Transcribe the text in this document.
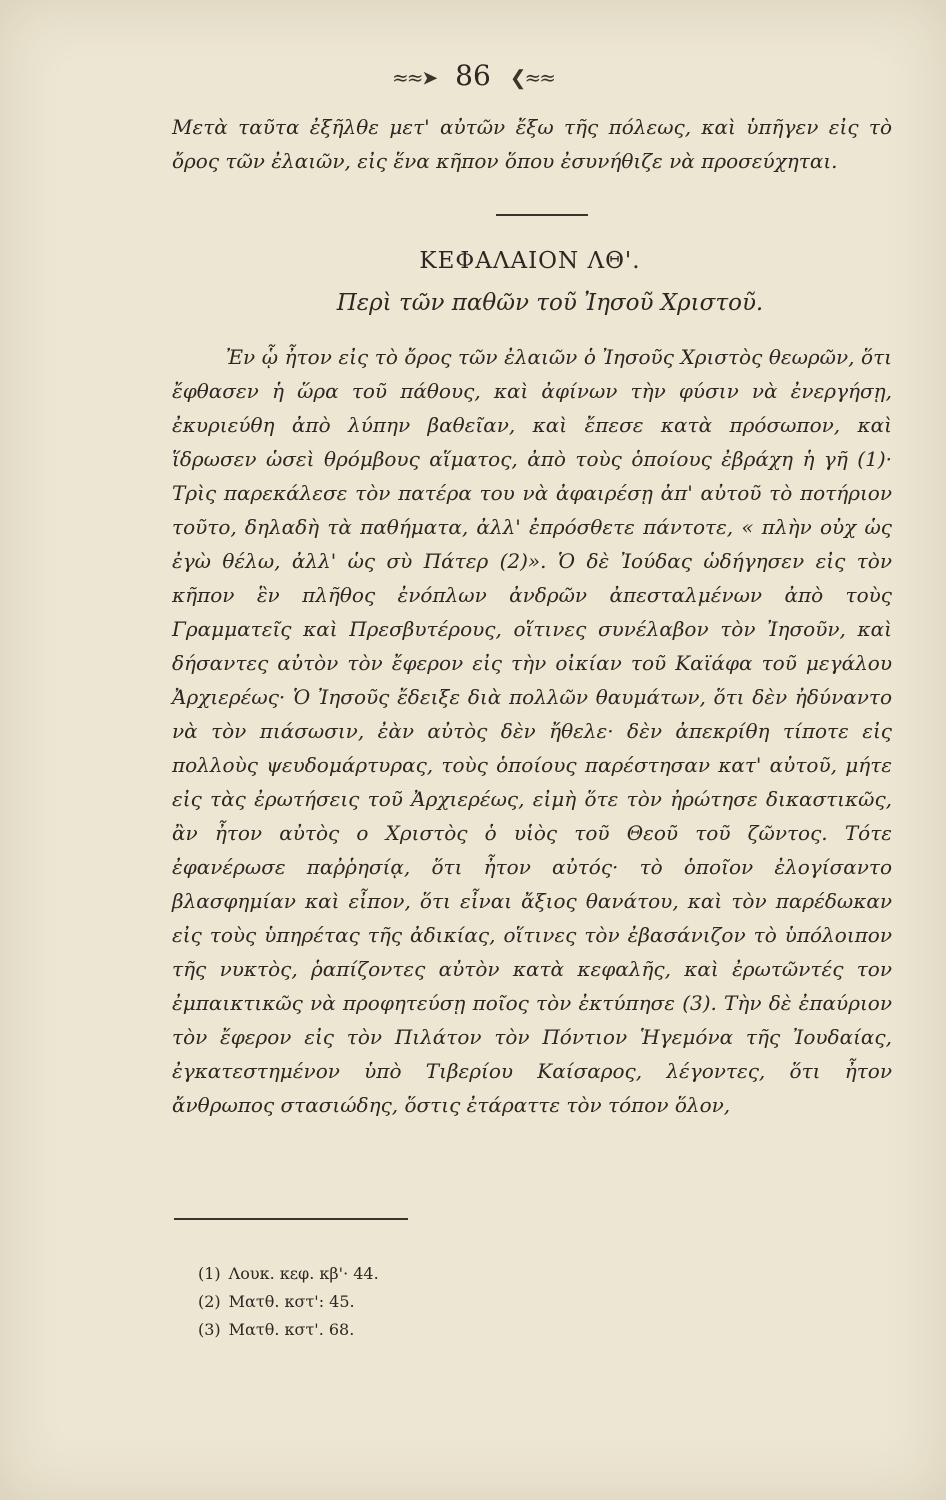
≈≈➤ 86 ❮≈≈
Μετὰ ταῦτα ἐξῆλθε μετ' αὐτῶν ἔξω τῆς πόλεως, καὶ ὑπῆγεν εἰς τὸ ὄρος τῶν ἐλαιῶν, εἰς ἕνα κῆπον ὅπου ἐσυνήθιζε νὰ προσεύχηται.
ΚΕΦΑΛΑΙΟΝ ΛΘ'.
Περὶ τῶν παθῶν τοῦ Ἰησοῦ Χριστοῦ.
Ἐν ᾧ ἦτον εἰς τὸ ὄρος τῶν ἐλαιῶν ὁ Ἰησοῦς Χριστὸς θεωρῶν, ὅτι ἔφθασεν ἡ ὥρα τοῦ πάθους, καὶ ἀφίνων τὴν φύσιν νὰ ἐνεργήσῃ, ἐκυριεύθη ἀπὸ λύπην βαθεῖαν, καὶ ἔπεσε κατὰ πρόσωπον, καὶ ἵδρωσεν ὡσεὶ θρόμβους αἵματος, ἀπὸ τοὺς ὁποίους ἐβράχη ἡ γῆ (1)· Τρὶς παρεκάλεσε τὸν πατέρα του νὰ ἀφαιρέσῃ ἀπ' αὐτοῦ τὸ ποτήριον τοῦτο, δηλαδὴ τὰ παθήματα, ἀλλ' ἐπρόσθετε πάντοτε, « πλὴν οὐχ ὡς ἐγὼ θέλω, ἀλλ' ὡς σὺ Πάτερ (2)». Ὁ δὲ Ἰούδας ὡδήγησεν εἰς τὸν κῆπον ἓν πλῆθος ἐνόπλων ἀνδρῶν ἀπεσταλμένων ἀπὸ τοὺς Γραμματεῖς καὶ Πρεσβυτέρους, οἵτινες συνέλαβον τὸν Ἰησοῦν, καὶ δήσαντες αὐτὸν τὸν ἔφερον εἰς τὴν οἰκίαν τοῦ Καϊάφα τοῦ μεγάλου Ἀρχιερέως· Ὁ Ἰησοῦς ἔδειξε διὰ πολλῶν θαυμάτων, ὅτι δὲν ἠδύναντο νὰ τὸν πιάσωσιν, ἐὰν αὐτὸς δὲν ἤθελε· δὲν ἀπεκρίθη τίποτε εἰς πολλοὺς ψευδομάρτυρας, τοὺς ὁποίους παρέστησαν κατ' αὐτοῦ, μήτε εἰς τὰς ἐρωτήσεις τοῦ Ἀρχιερέως, εἰμὴ ὅτε τὸν ἠρώτησε δικαστικῶς, ἂν ἦτον αὐτὸς ο Χριστὸς ὁ υἱὸς τοῦ Θεοῦ τοῦ ζῶντος. Τότε ἐφανέρωσε παῤῥησίᾳ, ὅτι ἦτον αὐτός· τὸ ὁποῖον ἐλογίσαντο βλασφημίαν καὶ εἶπον, ὅτι εἶναι ἄξιος θανάτου, καὶ τὸν παρέδωκαν εἰς τοὺς ὑπηρέτας τῆς ἀδικίας, οἵτινες τὸν ἐβασάνιζον τὸ ὑπόλοιπον τῆς νυκτὸς, ῥαπίζοντες αὐτὸν κατὰ κεφαλῆς, καὶ ἐρωτῶντές τον ἐμπαικτικῶς νὰ προφητεύσῃ ποῖος τὸν ἐκτύπησε (3). Τὴν δὲ ἐπαύριον τὸν ἔφερον εἰς τὸν Πιλάτον τὸν Πόντιον Ἡγεμόνα τῆς Ἰουδαίας, ἐγκατεστημένον ὑπὸ Τιβερίου Καίσαρος, λέγοντες, ὅτι ἦτον ἄνθρωπος στασιώδης, ὅστις ἐτάραττε τὸν τόπον ὅλον,
(1) Λουκ. κεφ. κβ'· 44.
(2) Ματθ. κστ': 45.
(3) Ματθ. κστ'. 68.
